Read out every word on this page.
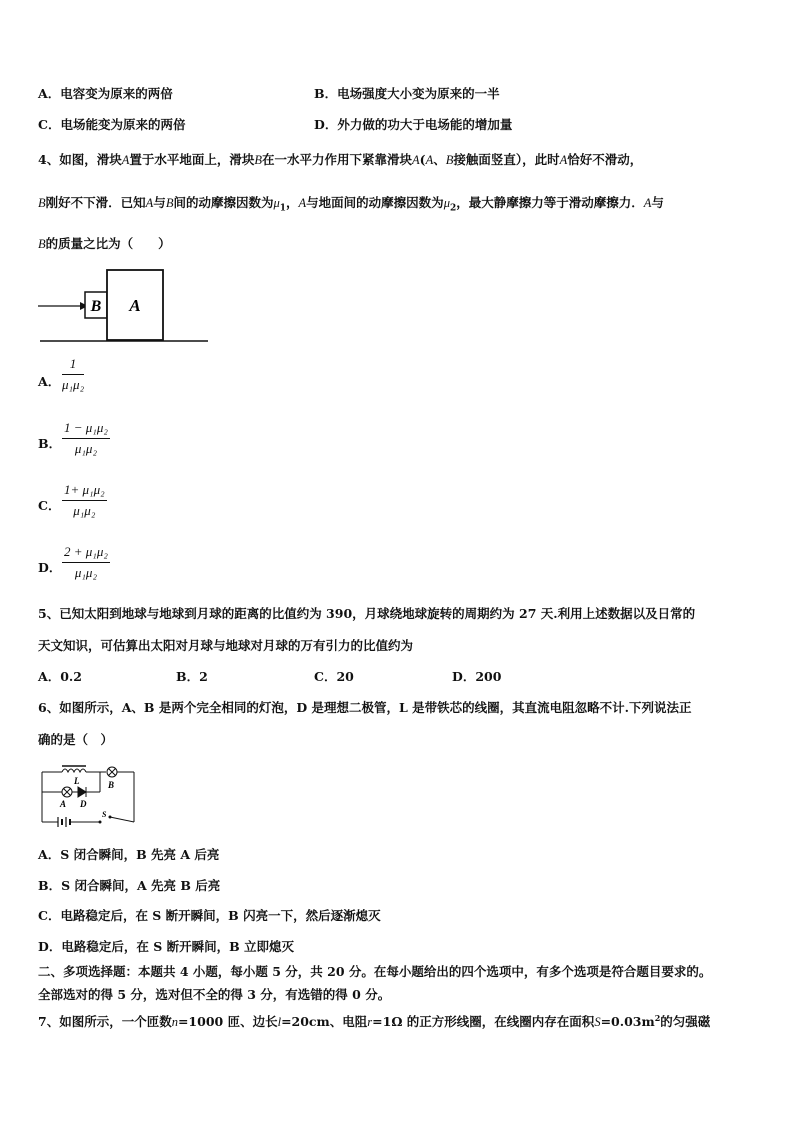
A．电容变为原来的两倍	B．电场强度大小变为原来的一半
C．电场能变为原来的两倍	D．外力做的功大于电场能的增加量
4、如图，滑块A置于水平地面上，滑块B在一水平力作用下紧靠滑块A(A、B接触面竖直），此时A恰好不滑动，
B刚好不下滑．已知A与B间的动摩擦因数为$\mu_1$，A与地面间的动摩擦因数为$\mu_2$，最大静摩擦力等于滑动摩擦力．A与
B的质量之比为（　　）
B A
A． $\frac{1}{\text{μ₁μ₂}}$
B． $\frac{\text{1 − μ₁μ₂}}{\text{μ₁μ₂}}$
C． $\frac{\text{1+ μ₁μ₂}}{\text{μ₁μ₂}}$
D． $\frac{\text{2 + μ₁μ₂}}{\text{μ₁μ₂}}$
5、已知太阳到地球与地球到月球的距离的比值约为 390，月球绕地球旋转的周期约为 27 天.利用上述数据以及日常的
天文知识，可估算出太阳对月球与地球对月球的万有引力的比值约为
A．0.2	B．2	C．20	D．200
6、如图所示，A、B 是两个完全相同的灯泡，D 是理想二极管，L 是带铁芯的线圈，其直流电阻忽略不计.下列说法正
确的是（　）
L
A D
B
S
A．S 闭合瞬间，B 先亮 A 后亮
B．S 闭合瞬间，A 先亮 B 后亮
C．电路稳定后，在 S 断开瞬间，B 闪亮一下，然后逐渐熄灭
D．电路稳定后，在 S 断开瞬间，B 立即熄灭
二、多项选择题：本题共 4 小题，每小题 5 分，共 20 分。在每小题给出的四个选项中，有多个选项是符合题目要求的。
全部选对的得 5 分，选对但不全的得 3 分，有选错的得 0 分。
7、如图所示，一个匝数n=1000 匝、边长l=20cm、电阻r=1Ω 的正方形线圈，在线圈内存在面积$S=0.03m^2$的匀强磁
